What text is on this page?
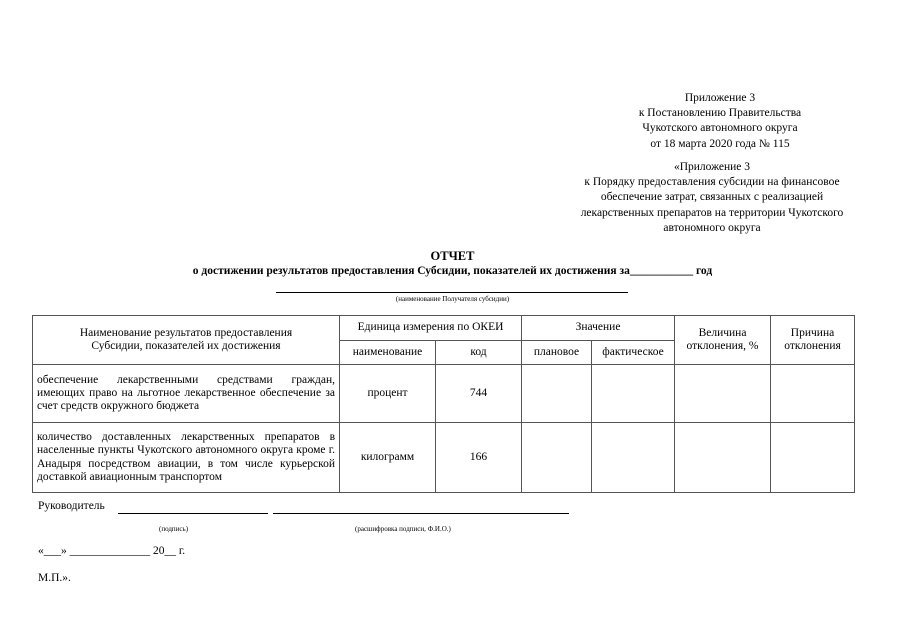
Приложение 3
к Постановлению Правительства
Чукотского автономного округа
от 18 марта 2020 года № 115
«Приложение 3
к Порядку предоставления субсидии на финансовое
обеспечение затрат, связанных с реализацией
лекарственных препаратов на территории Чукотского
автономного округа
ОТЧЕТ
о достижении результатов предоставления Субсидии, показателей их достижения за___________ год
(наименование Получателя субсидии)
Наименование результатов предоставления Субсидии, показателей их достижения	Единица измерения по ОКЕИ		Значение		Величина отклонения, %	Причина отклонения
	наименование	код	плановое	фактическое		
обеспечение лекарственными средствами граждан, имеющих право на льготное лекарственное обеспечение за счет средств окружного бюджета	процент	744				
количество доставленных лекарственных препаратов в населенные пункты Чукотского автономного округа кроме г. Анадыря посредством авиации, в том числе курьерской доставкой авиационным транспортом	килограмм	166				
Руководитель
(подпись)	(расшифровка подписи, Ф.И.О.)
«___» ______________ 20__ г.
М.П.».
